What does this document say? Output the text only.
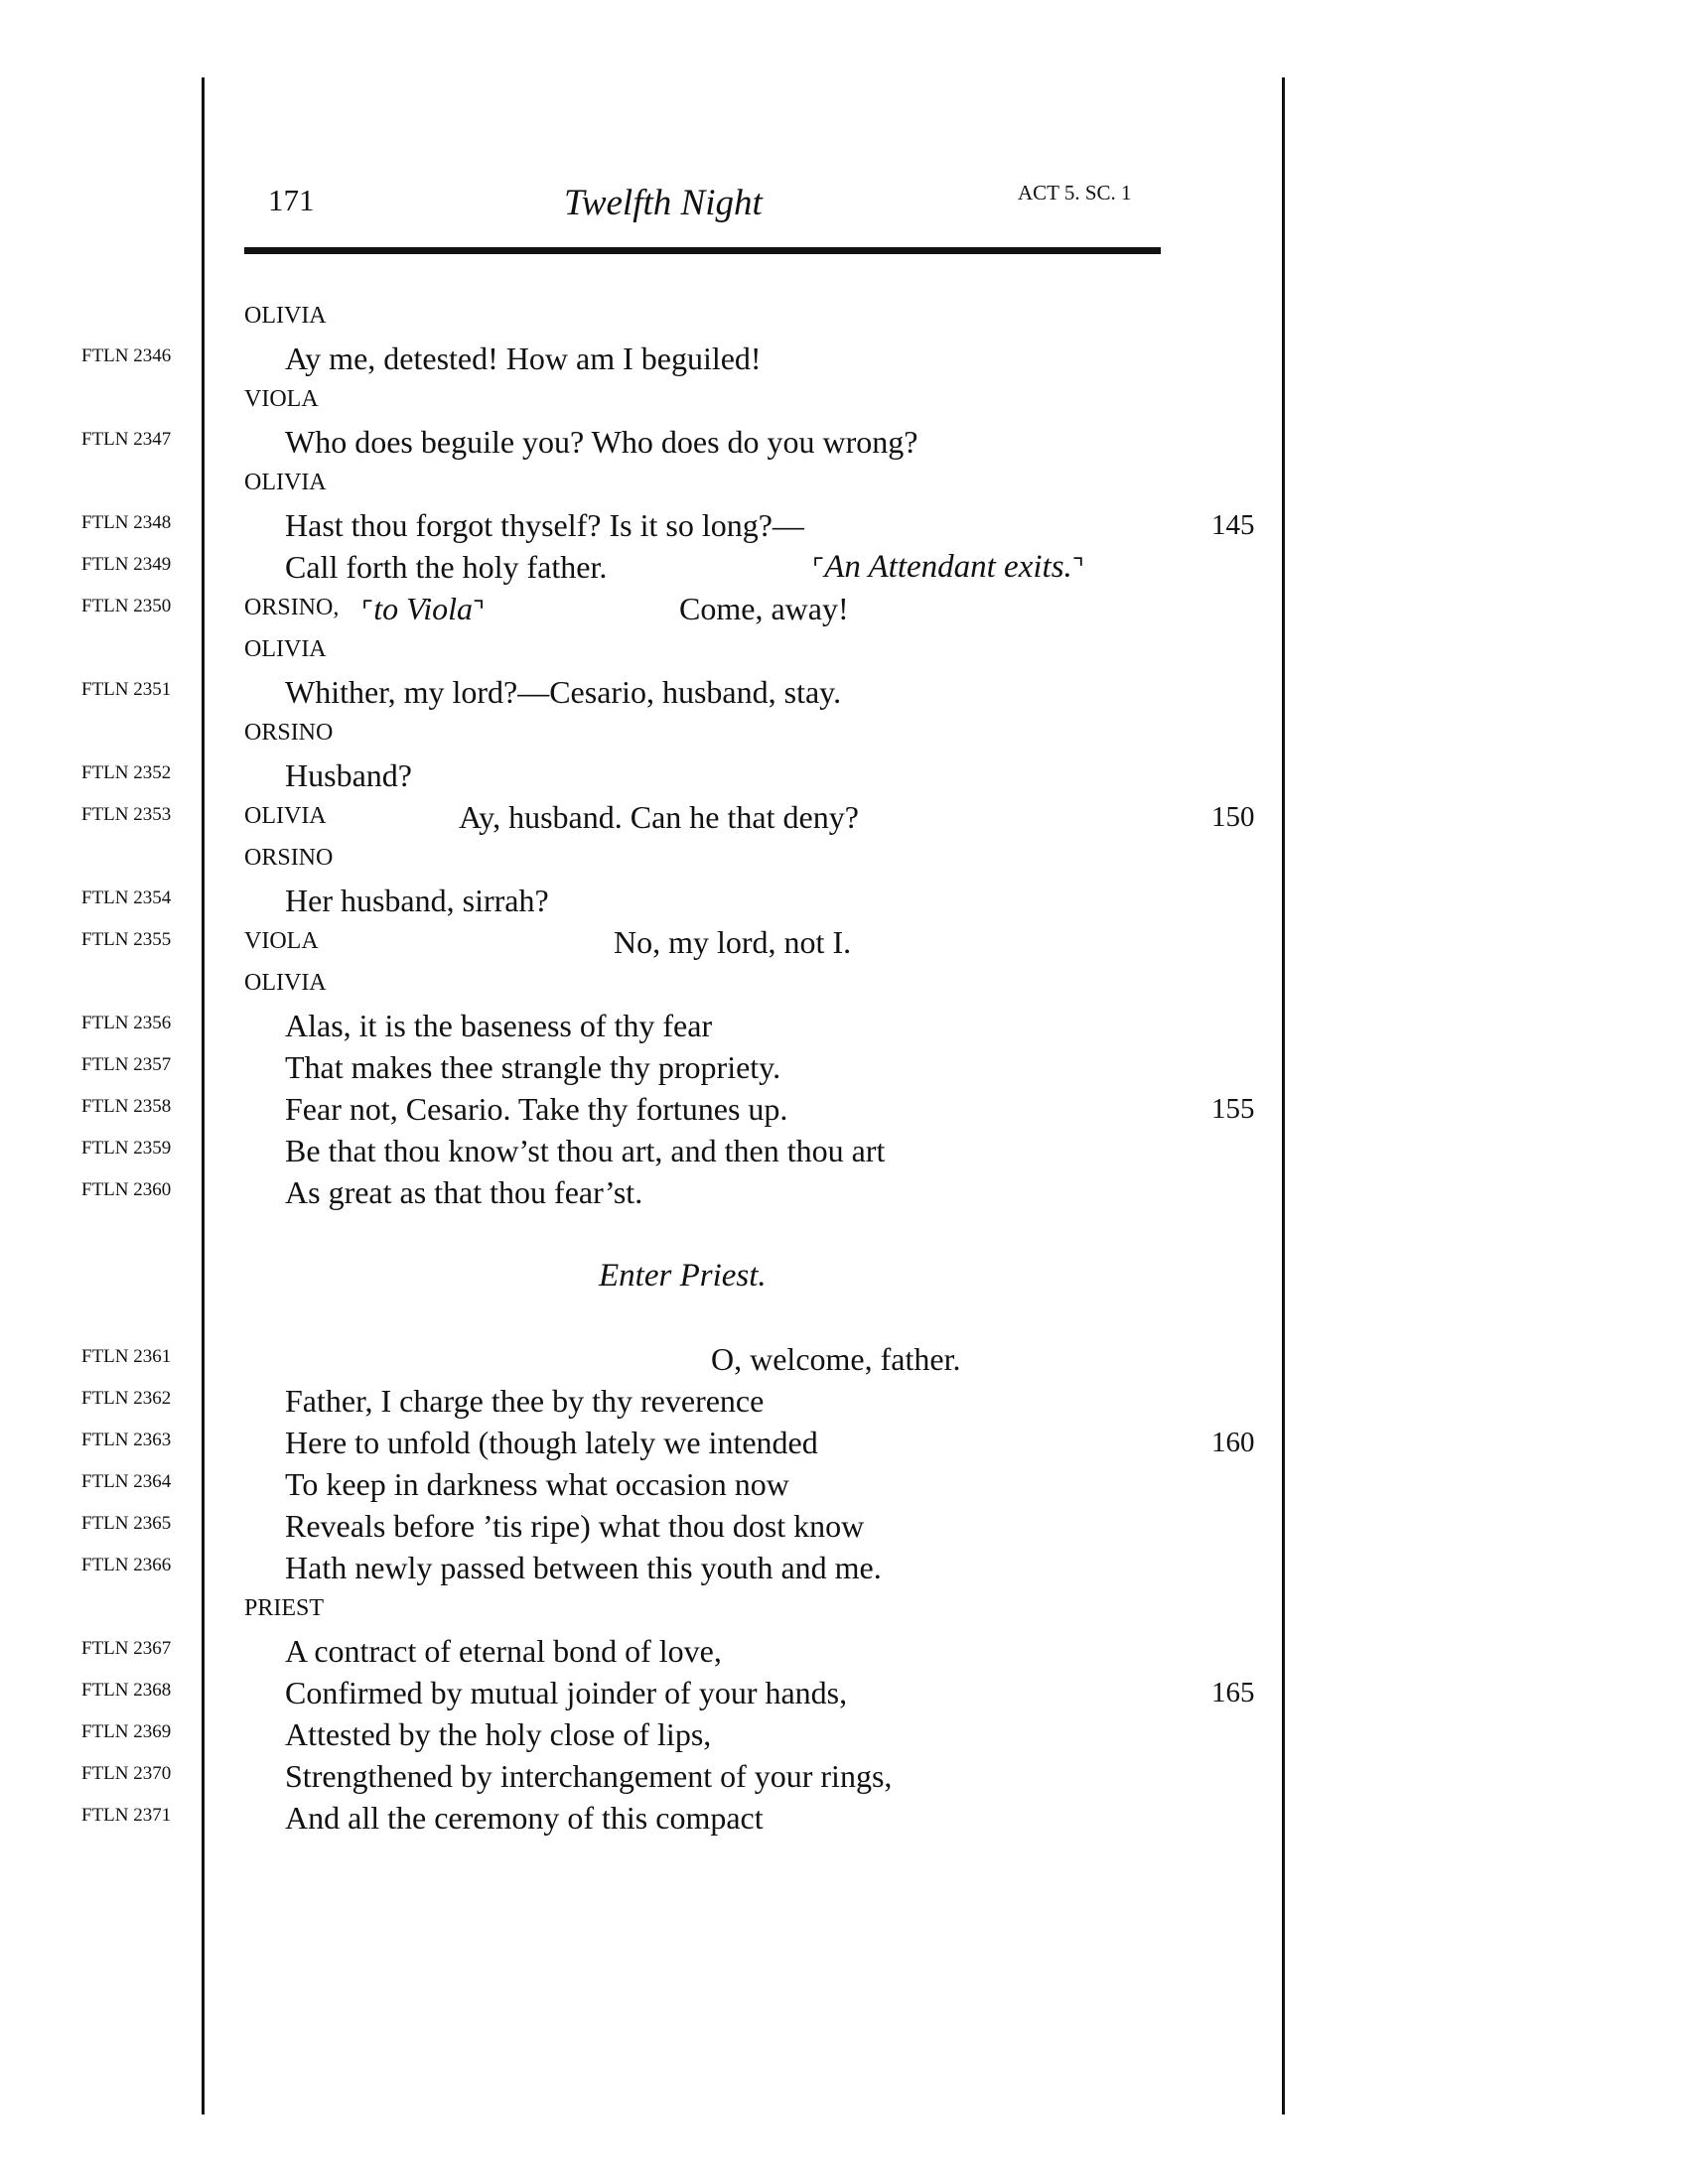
171	Twelfth Night	ACT 5. SC. 1
OLIVIA
FTLN 2346	Ay me, detested! How am I beguiled!
VIOLA
FTLN 2347	Who does beguile you? Who does do you wrong?
OLIVIA
FTLN 2348	Hast thou forgot thyself? Is it so long?—	145
FTLN 2349	Call forth the holy father.	⌜An Attendant exits.⌝
FTLN 2350	ORSINO, ⌜to Viola⌝	Come, away!
OLIVIA
FTLN 2351	Whither, my lord?—Cesario, husband, stay.
ORSINO
FTLN 2352	Husband?
FTLN 2353	OLIVIA	Ay, husband. Can he that deny?	150
ORSINO
FTLN 2354	Her husband, sirrah?
FTLN 2355	VIOLA	No, my lord, not I.
OLIVIA
FTLN 2356	Alas, it is the baseness of thy fear
FTLN 2357	That makes thee strangle thy propriety.
FTLN 2358	Fear not, Cesario. Take thy fortunes up.	155
FTLN 2359	Be that thou know’st thou art, and then thou art
FTLN 2360	As great as that thou fear’st.
Enter Priest.
FTLN 2361	O, welcome, father.
FTLN 2362	Father, I charge thee by thy reverence
FTLN 2363	Here to unfold (though lately we intended	160
FTLN 2364	To keep in darkness what occasion now
FTLN 2365	Reveals before ’tis ripe) what thou dost know
FTLN 2366	Hath newly passed between this youth and me.
PRIEST
FTLN 2367	A contract of eternal bond of love,
FTLN 2368	Confirmed by mutual joinder of your hands,	165
FTLN 2369	Attested by the holy close of lips,
FTLN 2370	Strengthened by interchangement of your rings,
FTLN 2371	And all the ceremony of this compact
